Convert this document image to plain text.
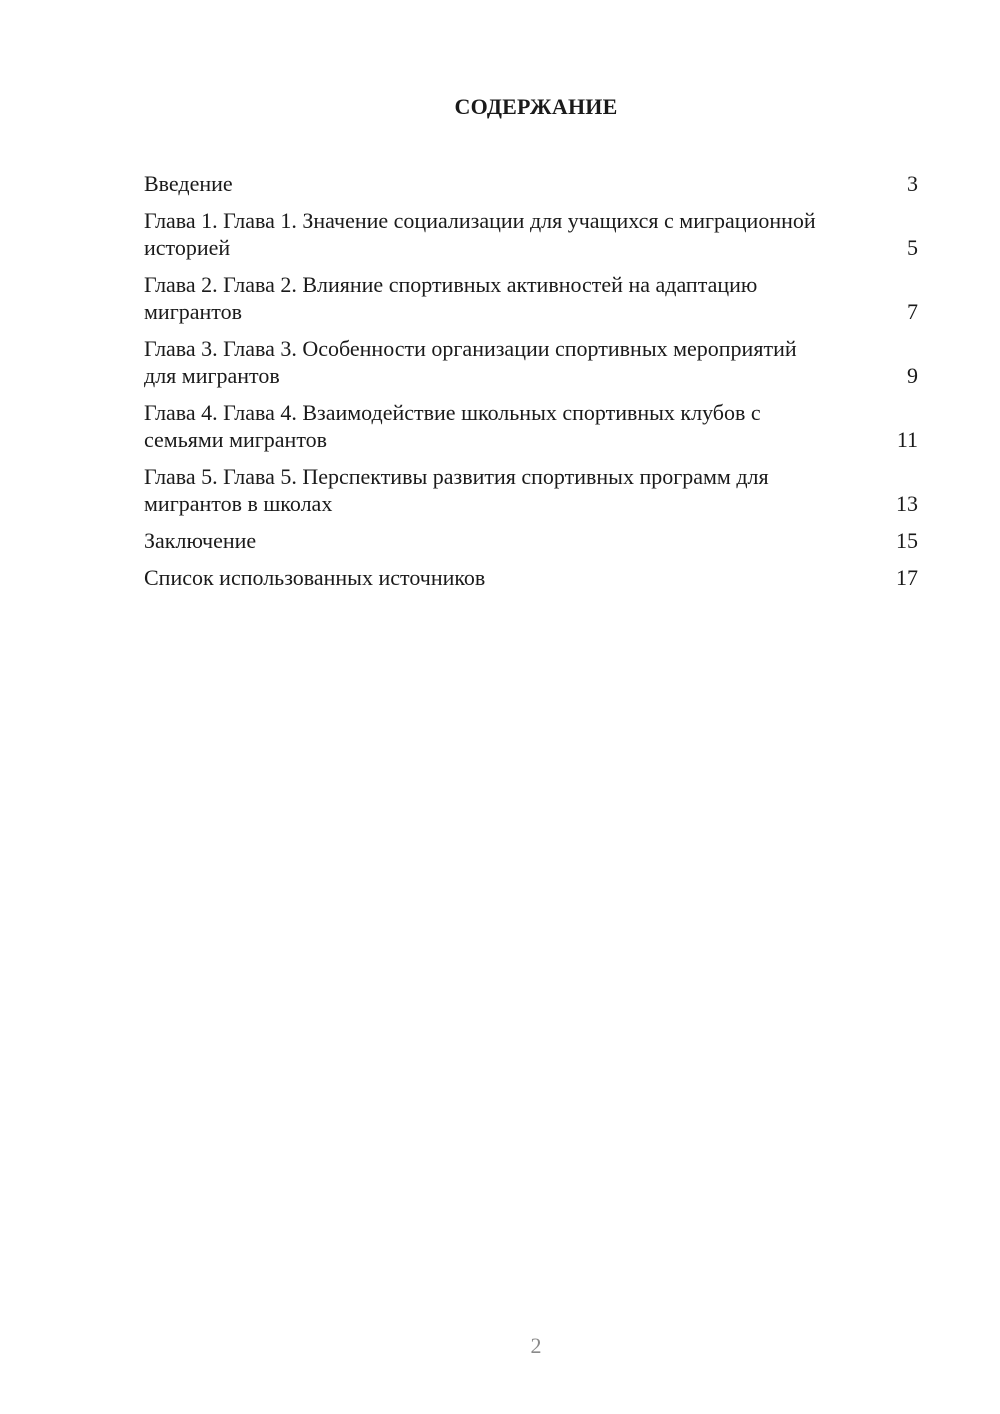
СОДЕРЖАНИЕ
Введение	3
Глава 1. Глава 1. Значение социализации для учащихся с миграционной историей	5
Глава 2. Глава 2. Влияние спортивных активностей на адаптацию мигрантов	7
Глава 3. Глава 3. Особенности организации спортивных мероприятий для мигрантов	9
Глава 4. Глава 4. Взаимодействие школьных спортивных клубов с семьями мигрантов	11
Глава 5. Глава 5. Перспективы развития спортивных программ для мигрантов в школах	13
Заключение	15
Список использованных источников	17
2
